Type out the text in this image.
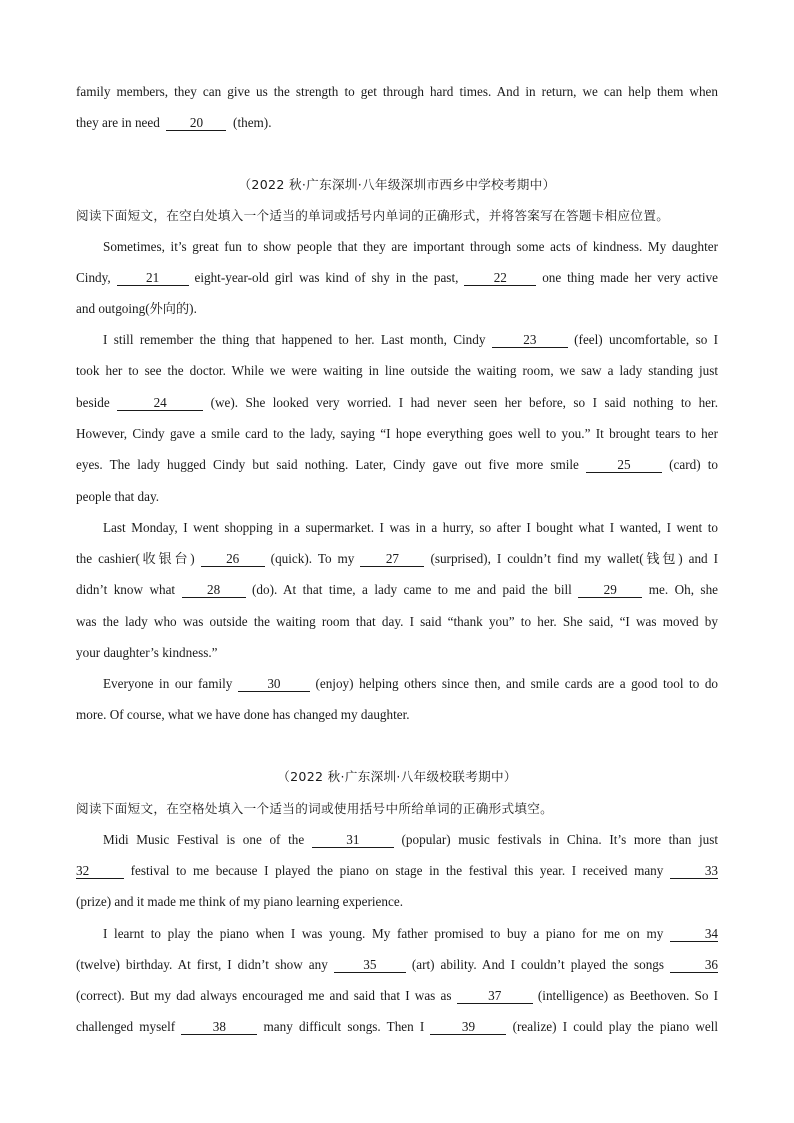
family members, they can give us the strength to get through hard times. And in return, we can help them when
they are in need 20 (them).
（2022 秋·广东深圳·八年级深圳市西乡中学校考期中）
阅读下面短文，在空白处填入一个适当的单词或括号内单词的正确形式，并将答案写在答题卡相应位置。
Sometimes, it’s great fun to show people that they are important through some acts of kindness. My daughter
Cindy,	21	eight-year-old girl was kind of shy in the past,	22	one thing made her very active
and outgoing(外向的).
I still remember the thing that happened to her. Last month, Cindy	23	(feel) uncomfortable, so I
took her to see the doctor. While we were waiting in line outside the waiting room, we saw a lady standing just
beside	24	(we). She looked very worried. I had never seen her before, so I said nothing to her.
However, Cindy gave a smile card to the lady, saying “I hope everything goes well to you.” It brought tears to her
eyes. The lady hugged Cindy but said nothing. Later, Cindy gave out five more smile	25	(card) to
people that day.
Last Monday, I went shopping in a supermarket. I was in a hurry, so after I bought what I wanted, I went to
the cashier(收银台) 26 (quick). To my 27 (surprised), I couldn’t find my wallet(钱包) and I
didn’t know what 28 (do). At that time, a lady came to me and paid the bill 29 me. Oh, she
was the lady who was outside the waiting room that day. I said “thank you” to her. She said, “I was moved by
your daughter’s kindness.”
Everyone in our family	30	(enjoy) helping others since then, and smile cards are a good tool to do
more. Of course, what we have done has changed my daughter.
（2022 秋·广东深圳·八年级校联考期中）
阅读下面短文，在空格处填入一个适当的词或使用括号中所给单词的正确形式填空。
Midi Music Festival is one of the	31	(popular) music festivals in China. It’s more than just
32	festival to me because I played the piano on stage in the festival this year. I received many	33
(prize) and it made me think of my piano learning experience.
I learnt to play the piano when I was young. My father promised to buy a piano for me on my	34
(twelve) birthday. At first, I didn’t show any	35	(art) ability. And I couldn’t played the songs	36
(correct). But my dad always encouraged me and said that I was as	37	(intelligence) as Beethoven. So I
challenged myself	38	many difficult songs. Then I	39	(realize) I could play the piano well
